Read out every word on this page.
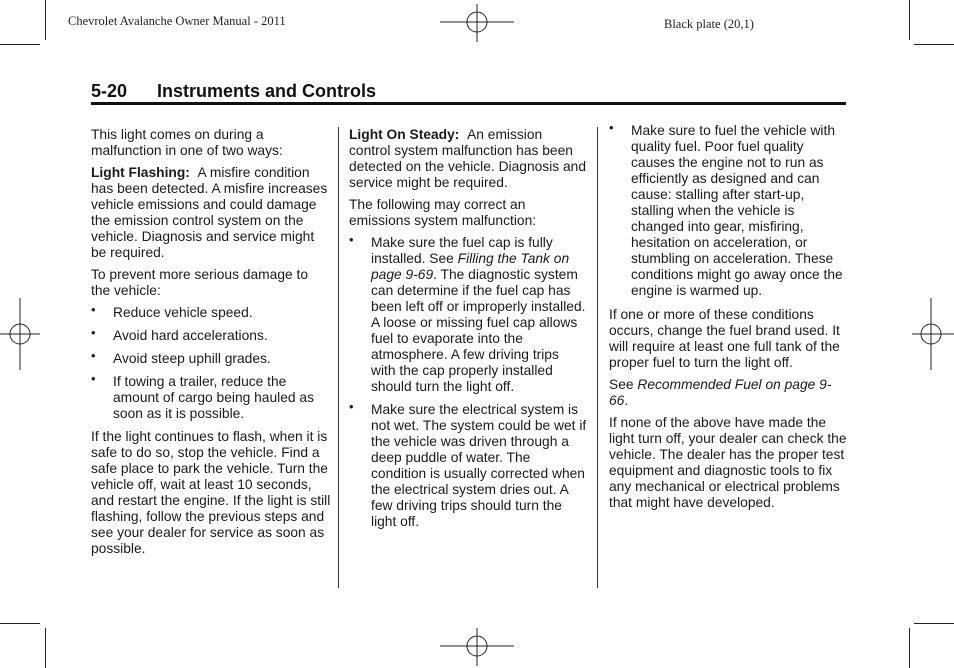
Chevrolet Avalanche Owner Manual - 2011	Black plate (20,1)
5-20 Instruments and Controls

This light comes on during a malfunction in one of two ways:

Light Flashing: A misfire condition has been detected. A misfire increases vehicle emissions and could damage the emission control system on the vehicle. Diagnosis and service might be required.

To prevent more serious damage to the vehicle:

• Reduce vehicle speed.
• Avoid hard accelerations.
• Avoid steep uphill grades.
• If towing a trailer, reduce the amount of cargo being hauled as soon as it is possible.

If the light continues to flash, when it is safe to do so, stop the vehicle. Find a safe place to park the vehicle. Turn the vehicle off, wait at least 10 seconds, and restart the engine. If the light is still flashing, follow the previous steps and see your dealer for service as soon as possible.

Light On Steady: An emission control system malfunction has been detected on the vehicle. Diagnosis and service might be required.

The following may correct an emissions system malfunction:

• Make sure the fuel cap is fully installed. See Filling the Tank on page 9-69. The diagnostic system can determine if the fuel cap has been left off or improperly installed. A loose or missing fuel cap allows fuel to evaporate into the atmosphere. A few driving trips with the cap properly installed should turn the light off.
• Make sure the electrical system is not wet. The system could be wet if the vehicle was driven through a deep puddle of water. The condition is usually corrected when the electrical system dries out. A few driving trips should turn the light off.
• Make sure to fuel the vehicle with quality fuel. Poor fuel quality causes the engine not to run as efficiently as designed and can cause: stalling after start-up, stalling when the vehicle is changed into gear, misfiring, hesitation on acceleration, or stumbling on acceleration. These conditions might go away once the engine is warmed up.

If one or more of these conditions occurs, change the fuel brand used. It will require at least one full tank of the proper fuel to turn the light off.

See Recommended Fuel on page 9-66.

If none of the above have made the light turn off, your dealer can check the vehicle. The dealer has the proper test equipment and diagnostic tools to fix any mechanical or electrical problems that might have developed.
